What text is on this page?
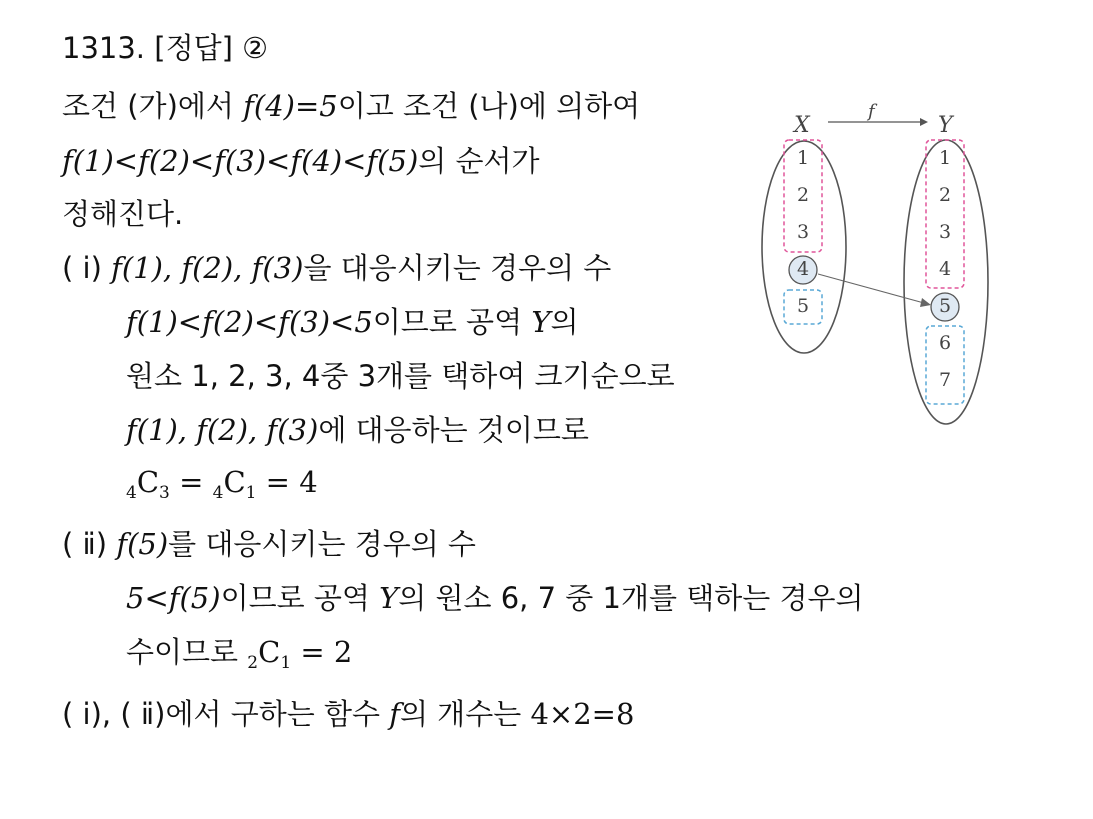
1313. [정답] ②
조건 (가)에서 f(4)=5이고 조건 (나)에 의하여
f(1)<f(2)<f(3)<f(4)<f(5)의 순서가
정해진다.
( ⅰ) f(1), f(2), f(3)을 대응시키는 경우의 수
f(1)<f(2)<f(3)<5이므로 공역 Y의
원소 1, 2, 3, 4중 3개를 택하여 크기순으로
f(1), f(2), f(3)에 대응하는 것이므로
$_4C_3 = _4C_1 = 4$
( ⅱ) f(5)를 대응시키는 경우의 수
5<f(5)이므로 공역 Y의 원소 6, 7 중 1개를 택하는 경우의
수이므로 $_2C_1 = 2$
( ⅰ), ( ⅱ)에서 구하는 함수 f의 개수는 4×2=8
f
X	Y
1
2
3
4
5
1
2
3
4
5
6
7
